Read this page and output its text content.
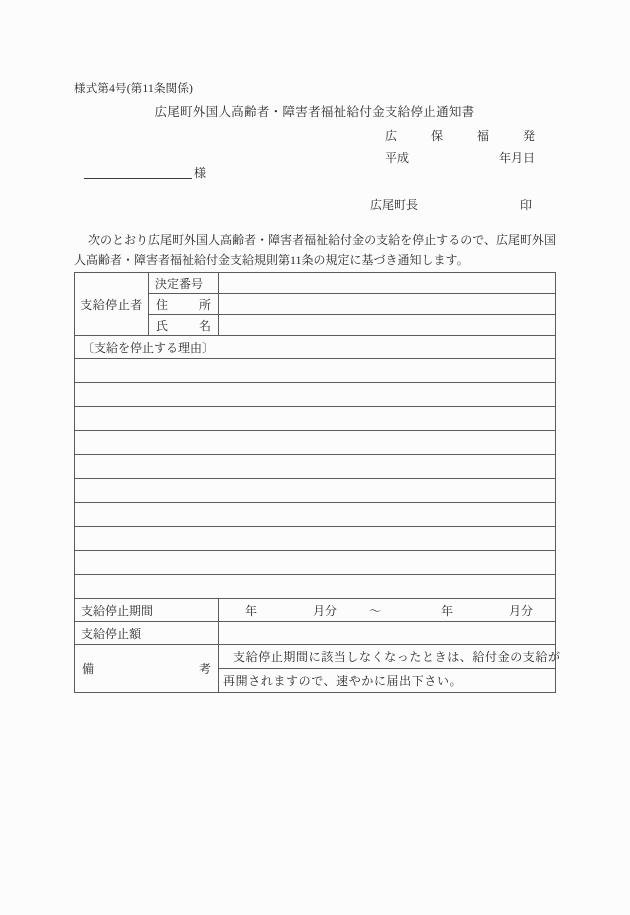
様式第4号(第11条関係)
広尾町外国人高齢者・障害者福祉給付金支給停止通知書
広	保	福	発
平成	年 月 日
様
広尾町長	印
次のとおり広尾町外国人高齢者・障害者福祉給付金の支給を停止するので、広尾町外国人高齢者・障害者福祉給付金支給規則第11条の規定に基づき通知します。
支給停止者	決定番号	

	住 所	

	氏 名	

〔支給を停止する理由〕		

支給停止期間		年 月分 ～ 年 月分

支給停止額		

備 考		支給停止期間に該当しなくなったときは、給付金の支給が

		再開されますので、速やかに届出下さい。
